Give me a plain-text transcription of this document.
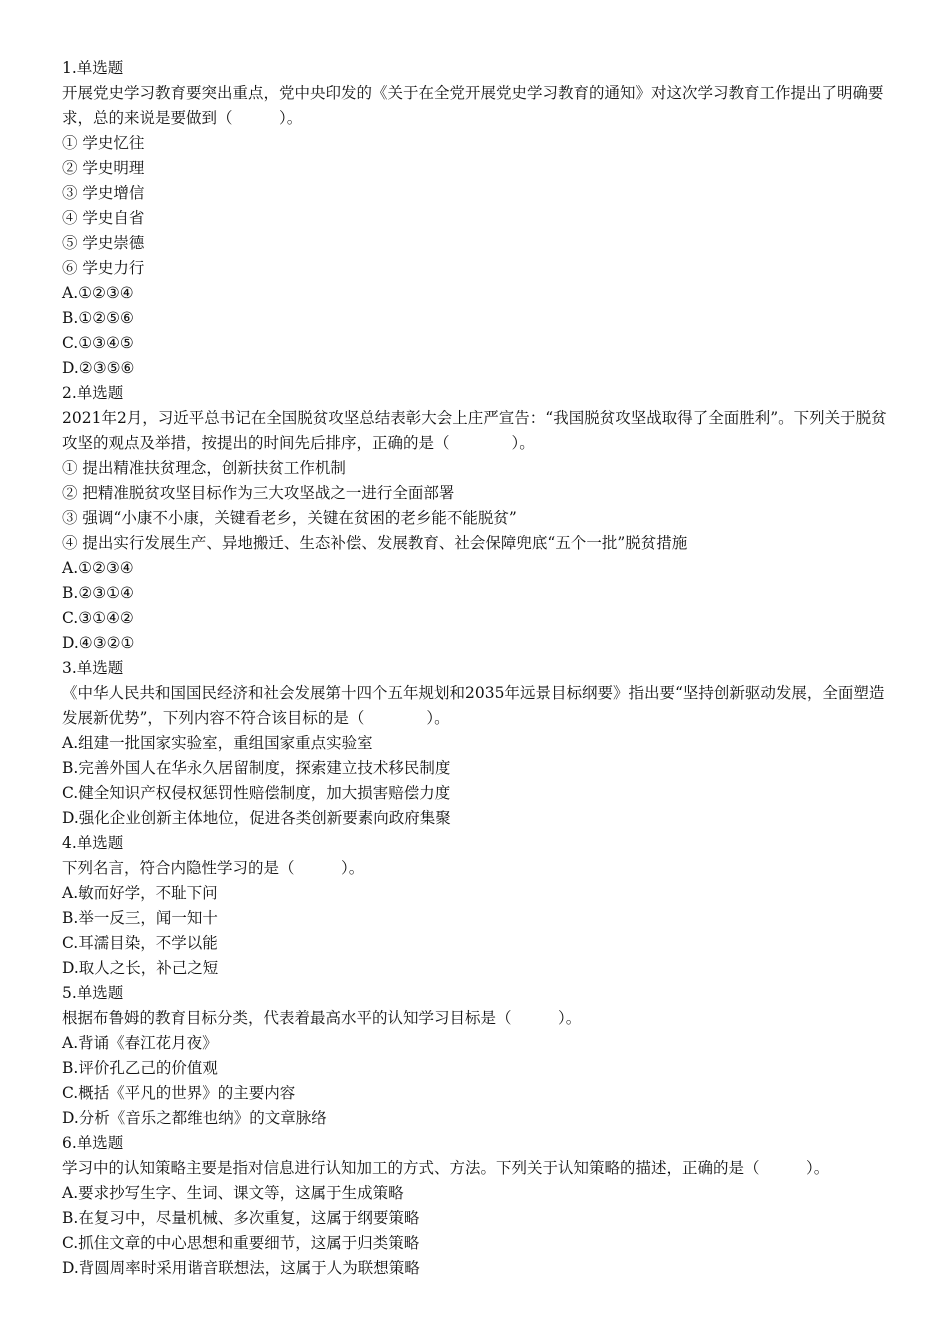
1.单选题
开展党史学习教育要突出重点，党中央印发的《关于在全党开展党史学习教育的通知》对这次学习教育工作提出了明确要求，总的来说是要做到（　　　）。
① 学史忆往
② 学史明理
③ 学史增信
④ 学史自省
⑤ 学史崇德
⑥ 学史力行
A.①②③④
B.①②⑤⑥
C.①③④⑤
D.②③⑤⑥
2.单选题
2021年2月，习近平总书记在全国脱贫攻坚总结表彰大会上庄严宣告：“我国脱贫攻坚战取得了全面胜利”。下列关于脱贫攻坚的观点及举措，按提出的时间先后排序，正确的是（　　　　）。
① 提出精准扶贫理念，创新扶贫工作机制
② 把精准脱贫攻坚目标作为三大攻坚战之一进行全面部署
③ 强调“小康不小康，关键看老乡，关键在贫困的老乡能不能脱贫”
④ 提出实行发展生产、异地搬迁、生态补偿、发展教育、社会保障兜底“五个一批”脱贫措施
A.①②③④
B.②③①④
C.③①④②
D.④③②①
3.单选题
《中华人民共和国国民经济和社会发展第十四个五年规划和2035年远景目标纲要》指出要“坚持创新驱动发展，全面塑造发展新优势”，下列内容不符合该目标的是（　　　　）。
A.组建一批国家实验室，重组国家重点实验室
B.完善外国人在华永久居留制度，探索建立技术移民制度
C.健全知识产权侵权惩罚性赔偿制度，加大损害赔偿力度
D.强化企业创新主体地位，促进各类创新要素向政府集聚
4.单选题
下列名言，符合内隐性学习的是（　　　）。
A.敏而好学，不耻下问
B.举一反三，闻一知十
C.耳濡目染，不学以能
D.取人之长，补己之短
5.单选题
根据布鲁姆的教育目标分类，代表着最高水平的认知学习目标是（　　　）。
A.背诵《春江花月夜》
B.评价孔乙己的价值观
C.概括《平凡的世界》的主要内容
D.分析《音乐之都维也纳》的文章脉络
6.单选题
学习中的认知策略主要是指对信息进行认知加工的方式、方法。下列关于认知策略的描述，正确的是（　　　）。
A.要求抄写生字、生词、课文等，这属于生成策略
B.在复习中，尽量机械、多次重复，这属于纲要策略
C.抓住文章的中心思想和重要细节，这属于归类策略
D.背圆周率时采用谐音联想法，这属于人为联想策略
